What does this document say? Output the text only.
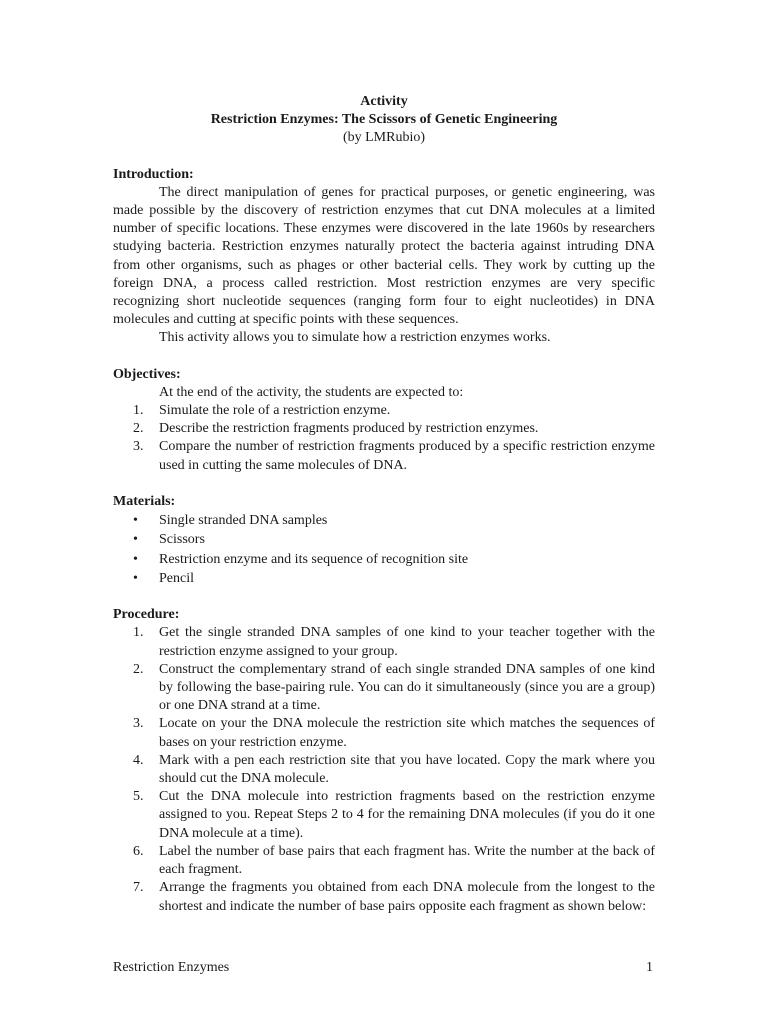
Activity
Restriction Enzymes: The Scissors of Genetic Engineering
(by LMRubio)

Introduction:

The direct manipulation of genes for practical purposes, or genetic engineering, was made possible by the discovery of restriction enzymes that cut DNA molecules at a limited number of specific locations. These enzymes were discovered in the late 1960s by researchers studying bacteria. Restriction enzymes naturally protect the bacteria against intruding DNA from other organisms, such as phages or other bacterial cells. They work by cutting up the foreign DNA, a process called restriction. Most restriction enzymes are very specific recognizing short nucleotide sequences (ranging form four to eight nucleotides) in DNA molecules and cutting at specific points with these sequences.

This activity allows you to simulate how a restriction enzymes works.

Objectives:

At the end of the activity, the students are expected to:

1. Simulate the role of a restriction enzyme.
2. Describe the restriction fragments produced by restriction enzymes.
3. Compare the number of restriction fragments produced by a specific restriction enzyme used in cutting the same molecules of DNA.

Materials:

• Single stranded DNA samples
• Scissors
• Restriction enzyme and its sequence of recognition site
• Pencil

Procedure:

1. Get the single stranded DNA samples of one kind to your teacher together with the restriction enzyme assigned to your group.
2. Construct the complementary strand of each single stranded DNA samples of one kind by following the base-pairing rule. You can do it simultaneously (since you are a group) or one DNA strand at a time.
3. Locate on your the DNA molecule the restriction site which matches the sequences of bases on your restriction enzyme.
4. Mark with a pen each restriction site that you have located. Copy the mark where you should cut the DNA molecule.
5. Cut the DNA molecule into restriction fragments based on the restriction enzyme assigned to you. Repeat Steps 2 to 4 for the remaining DNA molecules (if you do it one DNA molecule at a time).
6. Label the number of base pairs that each fragment has. Write the number at the back of each fragment.
7. Arrange the fragments you obtained from each DNA molecule from the longest to the shortest and indicate the number of base pairs opposite each fragment as shown below:
Restriction Enzymes	1
